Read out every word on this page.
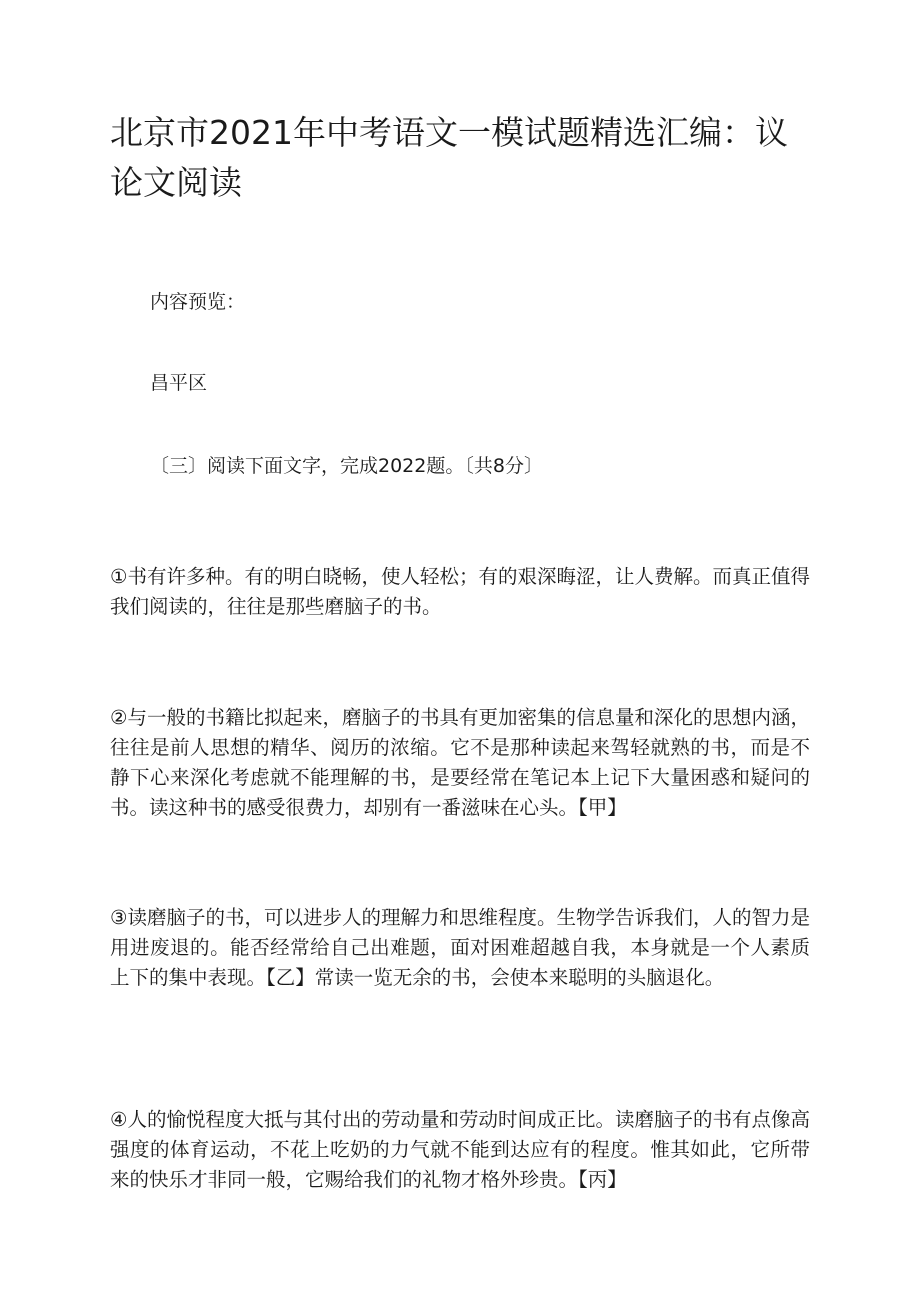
北京市2021年中考语文一模试题精选汇编：议论文阅读

内容预览：

昌平区

〔三〕阅读下面文字，完成2022题。〔共8分〕

①书有许多种。有的明白晓畅，使人轻松；有的艰深晦涩，让人费解。而真正值得我们阅读的，往往是那些磨脑子的书。

②与一般的书籍比拟起来，磨脑子的书具有更加密集的信息量和深化的思想内涵，往往是前人思想的精华、阅历的浓缩。它不是那种读起来驾轻就熟的书，而是不静下心来深化考虑就不能理解的书，是要经常在笔记本上记下大量困惑和疑问的书。读这种书的感受很费力，却别有一番滋味在心头。【甲】

③读磨脑子的书，可以进步人的理解力和思维程度。生物学告诉我们，人的智力是用进废退的。能否经常给自己出难题，面对困难超越自我，本身就是一个人素质上下的集中表现。【乙】常读一览无余的书，会使本来聪明的头脑退化。

④人的愉悦程度大抵与其付出的劳动量和劳动时间成正比。读磨脑子的书有点像高强度的体育运动，不花上吃奶的力气就不能到达应有的程度。惟其如此，它所带来的快乐才非同一般，它赐给我们的礼物才格外珍贵。【丙】
